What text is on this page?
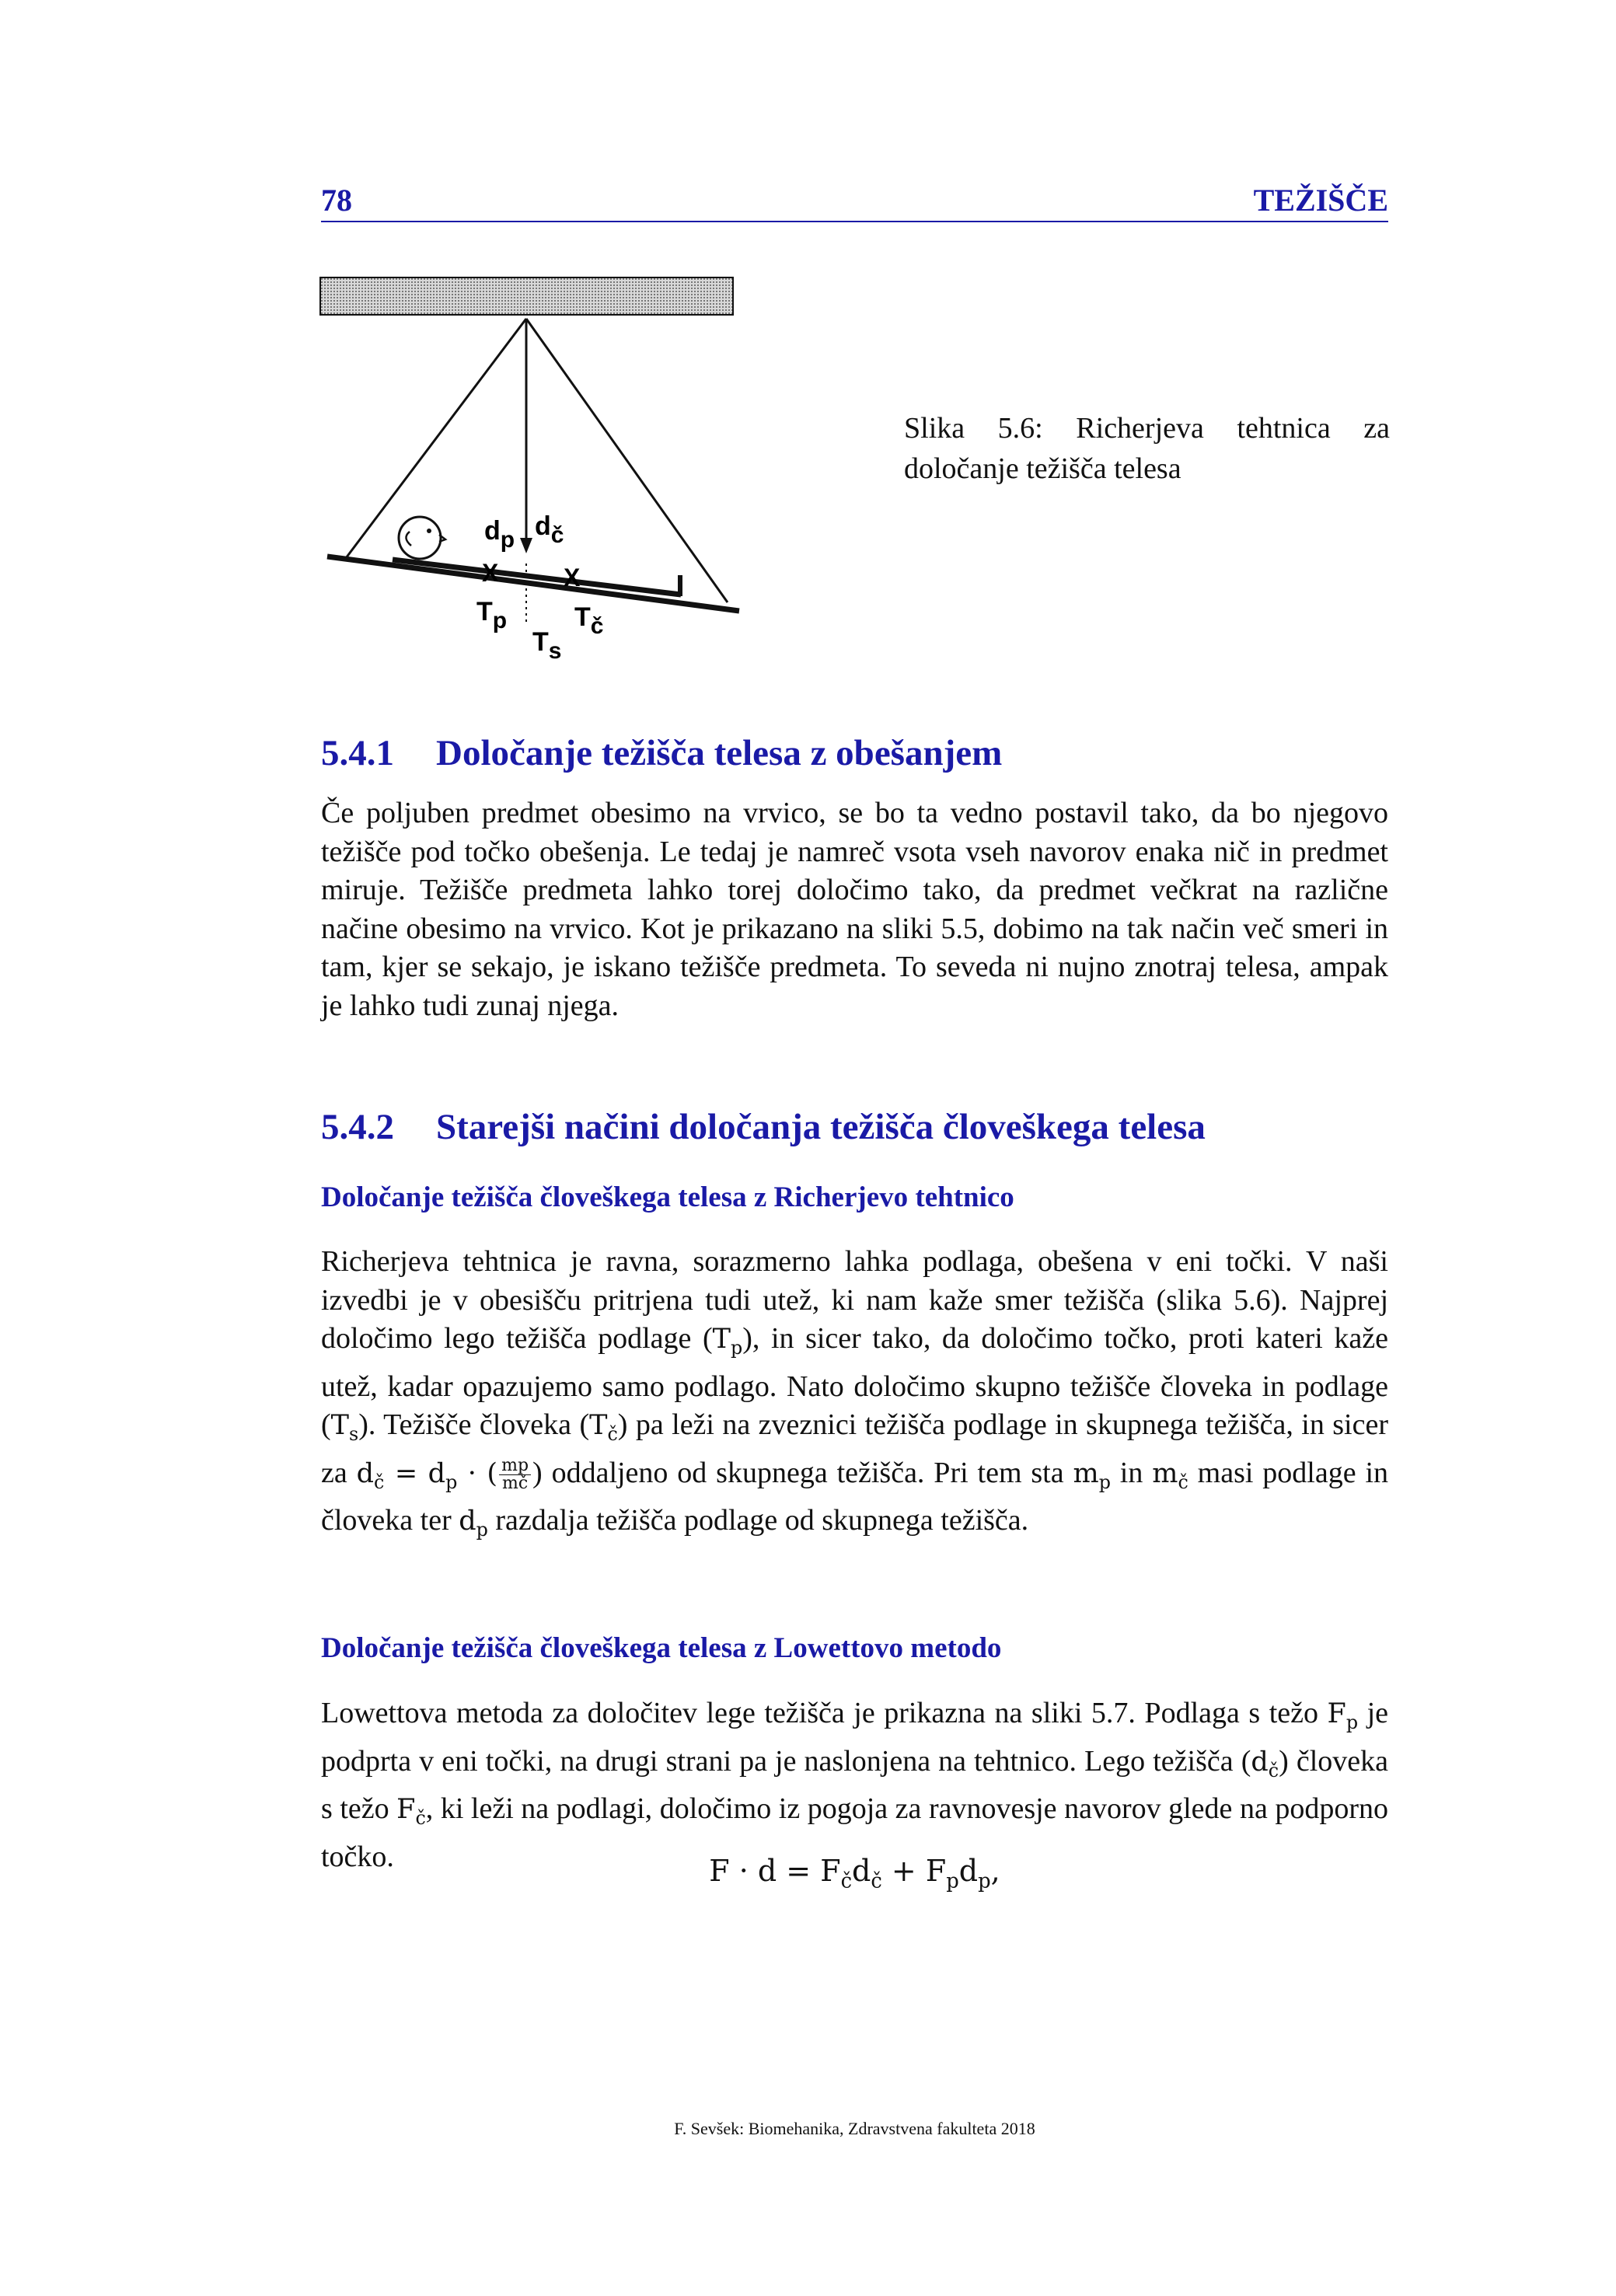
78	TEŽIŠČE
dp dč
X	X
Tp	Tč
Ts
Slika 5.6: Richerjeva tehtnica za določanje težišča telesa
5.4.1 Določanje težišča telesa z obešanjem

Če poljuben predmet obesimo na vrvico, se bo ta vedno postavil tako, da bo njegovo težišče pod točko obešenja. Le tedaj je namreč vsota vseh navorov enaka nič in predmet miruje. Težišče predmeta lahko torej določimo tako, da predmet večkrat na različne načine obesimo na vrvico. Kot je prikazano na sliki 5.5, dobimo na tak način več smeri in tam, kjer se sekajo, je iskano težišče predmeta. To seveda ni nujno znotraj telesa, ampak je lahko tudi zunaj njega.

5.4.2 Starejši načini določanja težišča človeškega telesa
Določanje težišča človeškega telesa z Richerjevo tehtnico

Richerjeva tehtnica je ravna, sorazmerno lahka podlaga, obešena v eni točki. V naši izvedbi je v obesišču pritrjena tudi utež, ki nam kaže smer težišča (slika 5.6). Najprej določimo lego težišča podlage $(T_p)$, in sicer tako, da določimo točko, proti kateri kaže utež, kadar opazujemo samo podlago. Nato določimo skupno težišče človeka in podlage $(T_s)$. Težišče človeka $(T_č)$ pa leži na zveznici težišča podlage in skupnega težišča, in sicer za $d_č = d_p$ · ( $\frac{mp}{mč}$ ) oddaljeno od skupnega težišča. Pri tem sta $m_p$ in $m_č$ masi podlage in človeka ter $d_p$ razdalja težišča podlage od skupnega težišča.

Določanje težišča človeškega telesa z Lowettovo metodo

Lowettova metoda za določitev lege težišča je prikazna na sliki 5.7. Podlaga s težo $F_p$ je podprta v eni točki, na drugi strani pa je naslonjena na tehtnico. Lego težišča $(d_č)$ človeka s težo $F_č$, ki leži na podlagi, določimo iz pogoja za ravnovesje navorov glede na podporno točko.	$F \cdot d = F_čd_č + F_pd_p$,
F. Sevšek: Biomehanika, Zdravstvena fakulteta 2018
